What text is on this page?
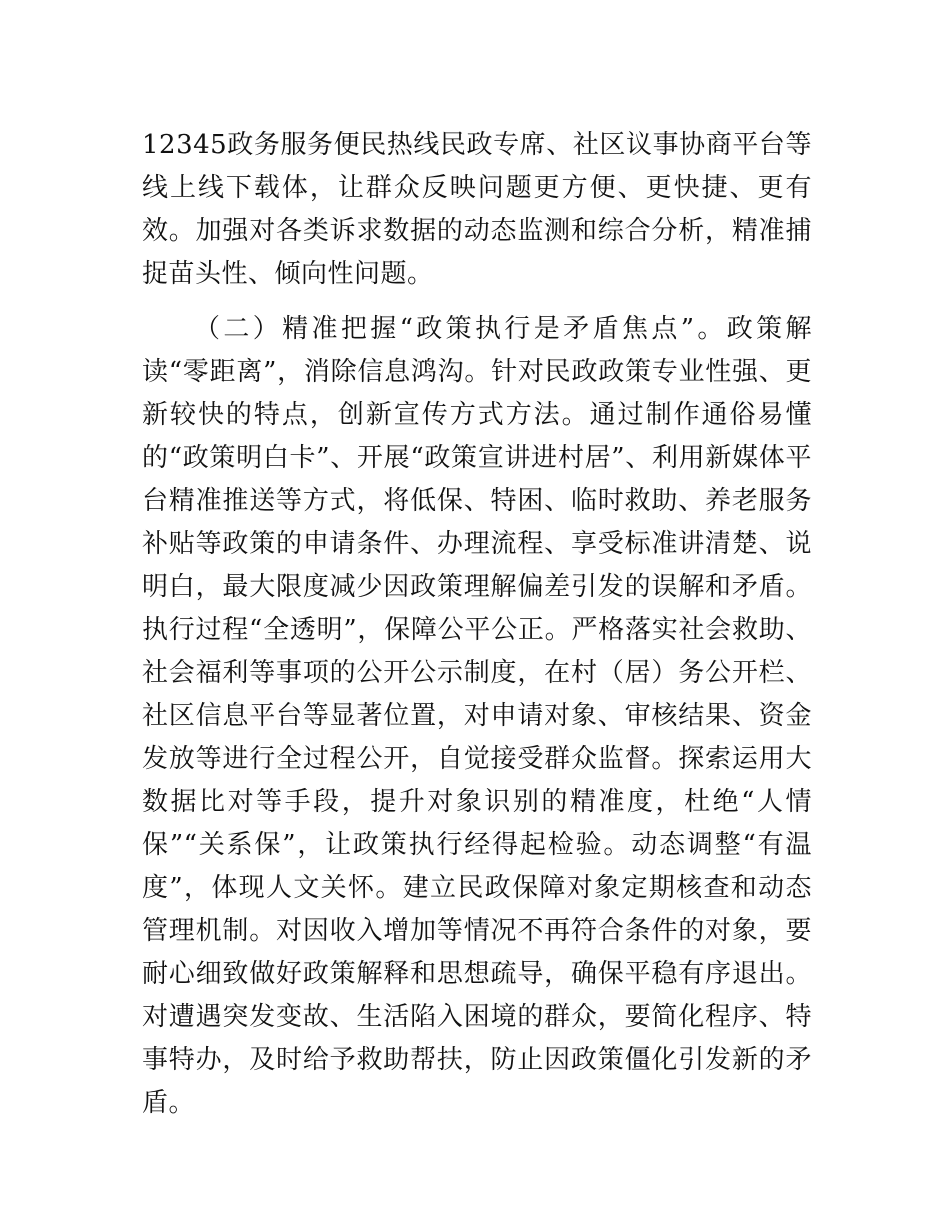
12345政务服务便民热线民政专席、社区议事协商平台等线上线下载体，让群众反映问题更方便、更快捷、更有效。加强对各类诉求数据的动态监测和综合分析，精准捕捉苗头性、倾向性问题。

（二）精准把握“政策执行是矛盾焦点”。政策解读“零距离”，消除信息鸿沟。针对民政政策专业性强、更新较快的特点，创新宣传方式方法。通过制作通俗易懂的“政策明白卡”、开展“政策宣讲进村居”、利用新媒体平台精准推送等方式，将低保、特困、临时救助、养老服务补贴等政策的申请条件、办理流程、享受标准讲清楚、说明白，最大限度减少因政策理解偏差引发的误解和矛盾。执行过程“全透明”，保障公平公正。严格落实社会救助、社会福利等事项的公开公示制度，在村（居）务公开栏、社区信息平台等显著位置，对申请对象、审核结果、资金发放等进行全过程公开，自觉接受群众监督。探索运用大数据比对等手段，提升对象识别的精准度，杜绝“人情保”“关系保”，让政策执行经得起检验。动态调整“有温度”，体现人文关怀。建立民政保障对象定期核查和动态管理机制。对因收入增加等情况不再符合条件的对象，要耐心细致做好政策解释和思想疏导，确保平稳有序退出。对遭遇突发变故、生活陷入困境的群众，要简化程序、特事特办，及时给予救助帮扶，防止因政策僵化引发新的矛盾。
